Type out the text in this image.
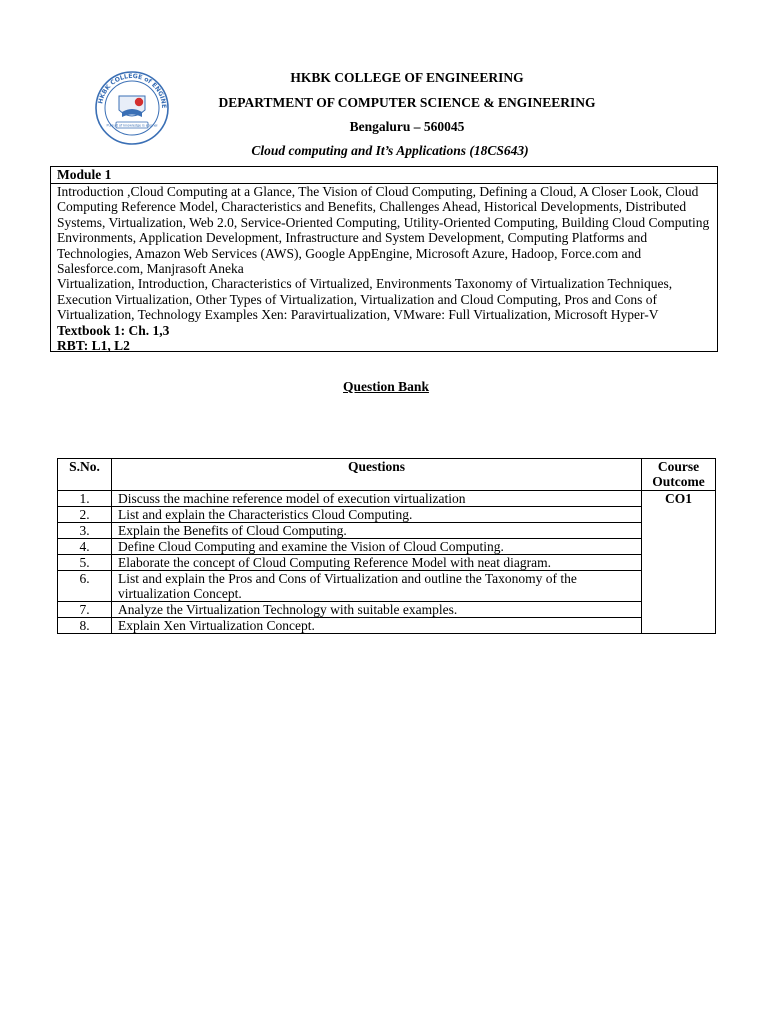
HKBK COLLEGE of ENGINE
Pursuit of knowledge is eternal
HKBK COLLEGE OF ENGINEERING
DEPARTMENT OF COMPUTER SCIENCE & ENGINEERING
Bengaluru – 560045
Cloud computing and It’s Applications (18CS643)
Module 1
Introduction ,Cloud Computing at a Glance, The Vision of Cloud Computing, Defining a Cloud, A Closer Look, Cloud Computing Reference Model, Characteristics and Benefits, Challenges Ahead, Historical Developments, Distributed Systems, Virtualization, Web 2.0, Service-Oriented Computing, Utility-Oriented Computing, Building Cloud Computing Environments, Application Development, Infrastructure and System Development, Computing Platforms and Technologies, Amazon Web Services (AWS), Google AppEngine, Microsoft Azure, Hadoop, Force.com and Salesforce.com, Manjrasoft Aneka
Virtualization, Introduction, Characteristics of Virtualized, Environments Taxonomy of Virtualization Techniques, Execution Virtualization, Other Types of Virtualization, Virtualization and Cloud Computing, Pros and Cons of Virtualization, Technology Examples Xen: Paravirtualization, VMware: Full Virtualization, Microsoft Hyper-V
Textbook 1: Ch. 1,3
RBT: L1, L2
Question Bank
S.No.	Questions	Course Outcome
1.	Discuss the machine reference model of execution virtualization	CO1
2.	List and explain the Characteristics Cloud Computing.	
3.	Explain the Benefits of Cloud Computing.	
4.	Define Cloud Computing and examine the Vision of Cloud Computing.	
5.	Elaborate the concept of Cloud Computing Reference Model with neat diagram.	
6.	List and explain the Pros and Cons of Virtualization and outline the Taxonomy of the virtualization Concept.	
7.	Analyze the Virtualization Technology with suitable examples.	
8.	Explain Xen Virtualization Concept.	
